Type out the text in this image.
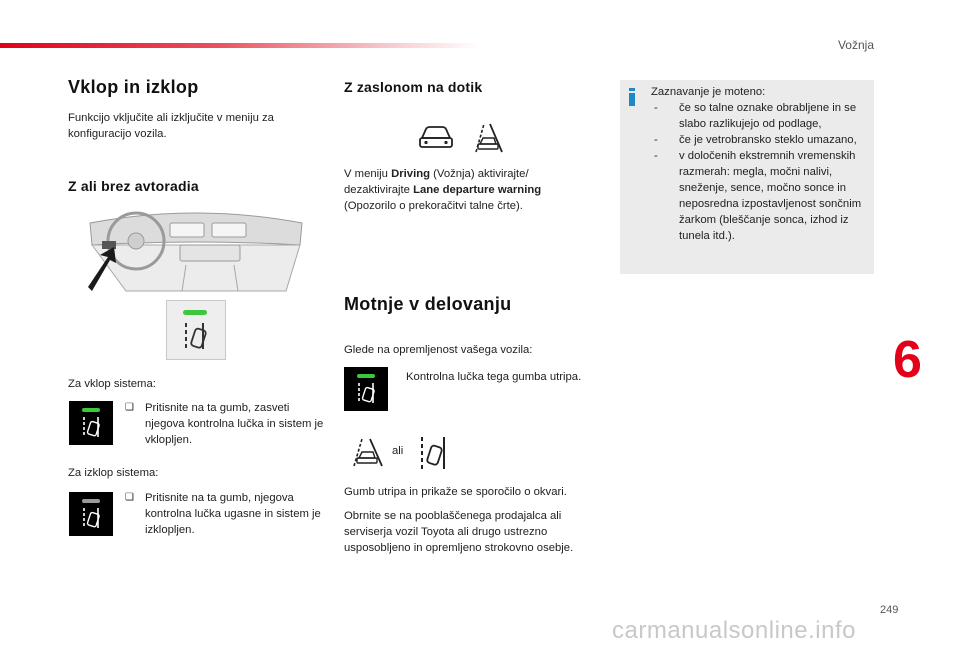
Vožnja
6
249
carmanualsonline.info
Vklop in izklop

Funkcijo vključite ali izključite v meniju za konfiguracijo vozila.

Z ali brez avtoradia

Za vklop sistema:

❏ Pritisnite na ta gumb, zasveti njegova kontrolna lučka in sistem je vklopljen.

Za izklop sistema:

❏ Pritisnite na ta gumb, njegova kontrolna lučka ugasne in sistem je izklopljen.
Z zaslonom na dotik

V meniju Driving (Vožnja) aktivirajte/ dezaktivirajte Lane departure warning (Opozorilo o prekoračitvi talne črte).

Motnje v delovanju

Glede na opremljenost vašega vozila:

Kontrolna lučka tega gumba utripa.

ali

Gumb utripa in prikaže se sporočilo o okvari.

Obrnite se na pooblaščenega prodajalca ali serviserja vozil Toyota ali drugo ustrezno usposobljeno in opremljeno strokovno osebje.

Zaznavanje je moteno:
- če so talne oznake obrabljene in se slabo razlikujejo od podlage,
- če je vetrobransko steklo umazano,
- v določenih ekstremnih vremenskih razmerah: megla, močni nalivi, sneženje, sence, močno sonce in neposredna izpostavljenost sončnim žarkom (bleščanje sonca, izhod iz tunela itd.).
